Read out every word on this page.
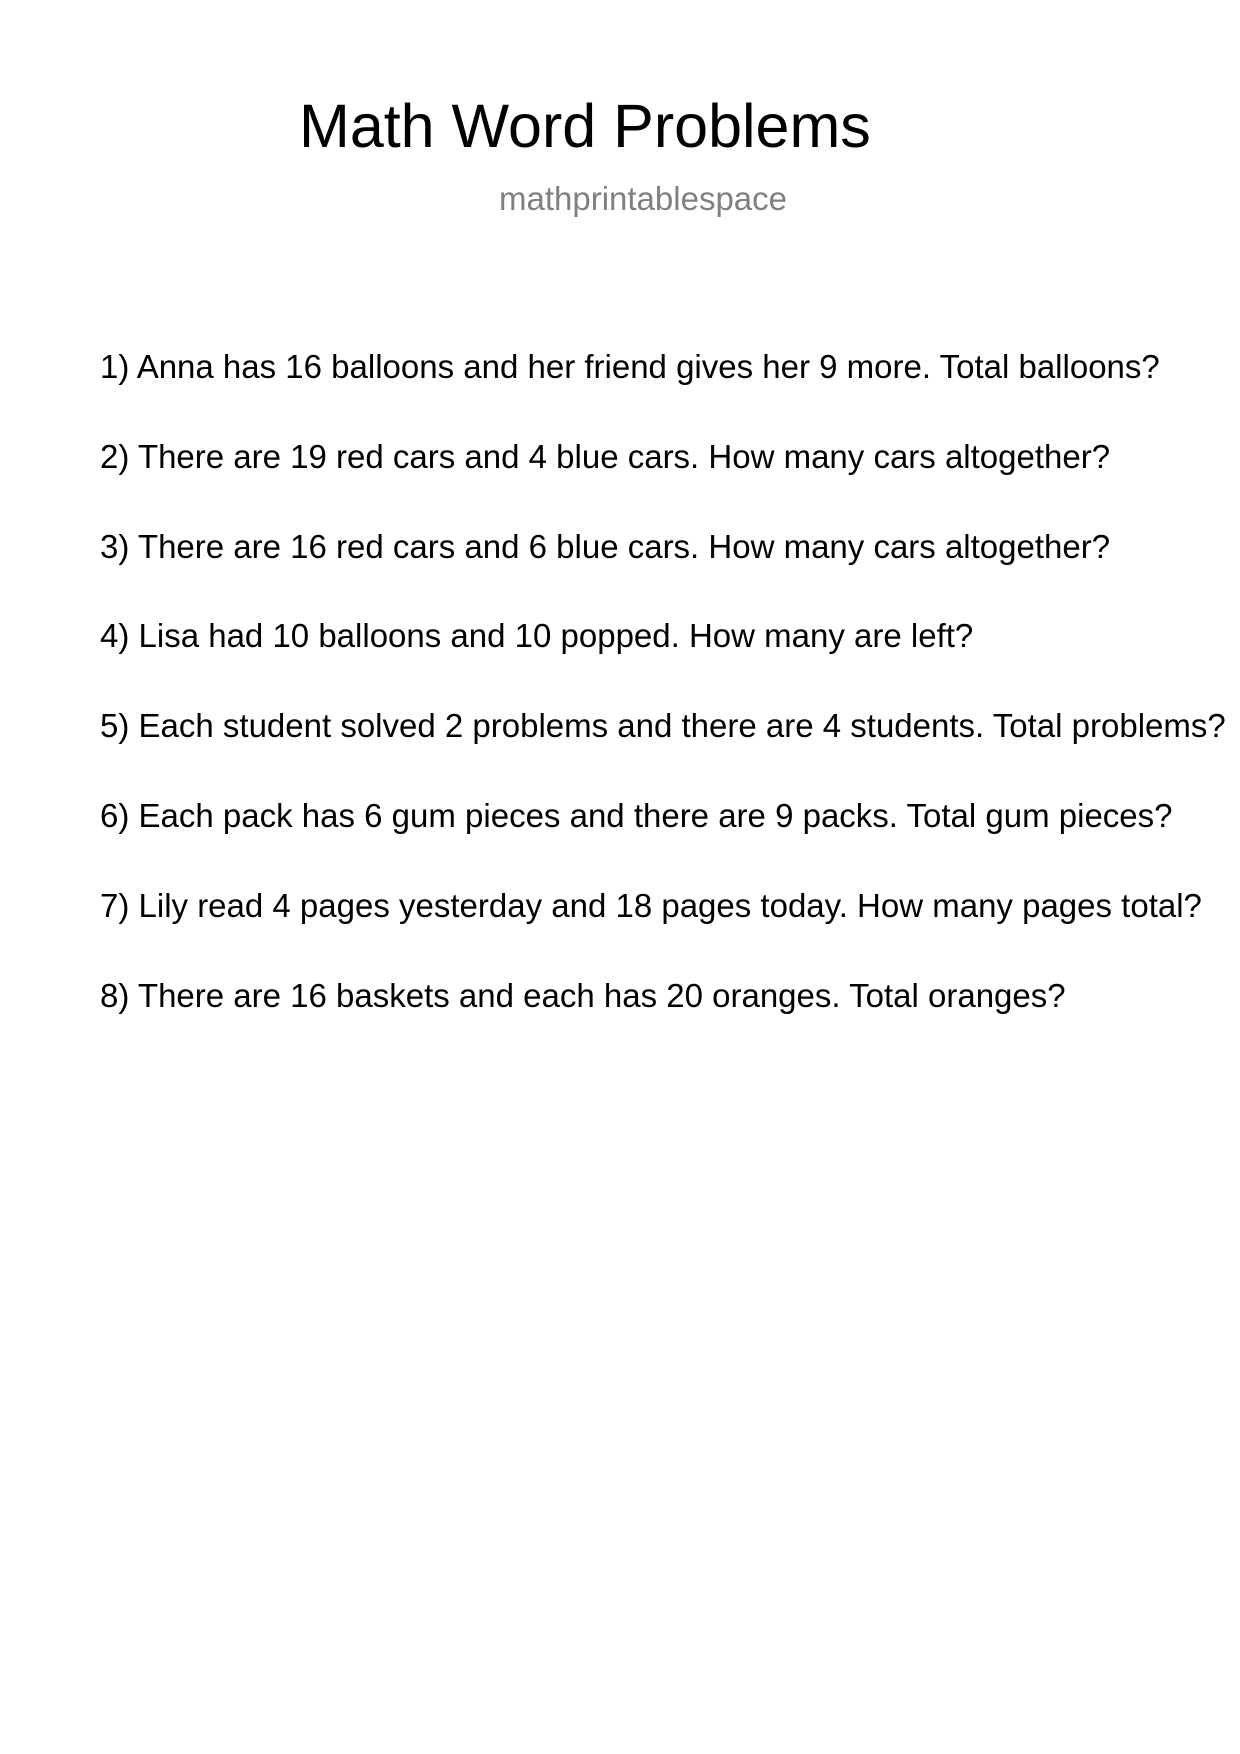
Math Word Problems
mathprintablespace
1) Anna has 16 balloons and her friend gives her 9 more. Total balloons?
2) There are 19 red cars and 4 blue cars. How many cars altogether?
3) There are 16 red cars and 6 blue cars. How many cars altogether?
4) Lisa had 10 balloons and 10 popped. How many are left?
5) Each student solved 2 problems and there are 4 students. Total problems?
6) Each pack has 6 gum pieces and there are 9 packs. Total gum pieces?
7) Lily read 4 pages yesterday and 18 pages today. How many pages total?
8) There are 16 baskets and each has 20 oranges. Total oranges?
